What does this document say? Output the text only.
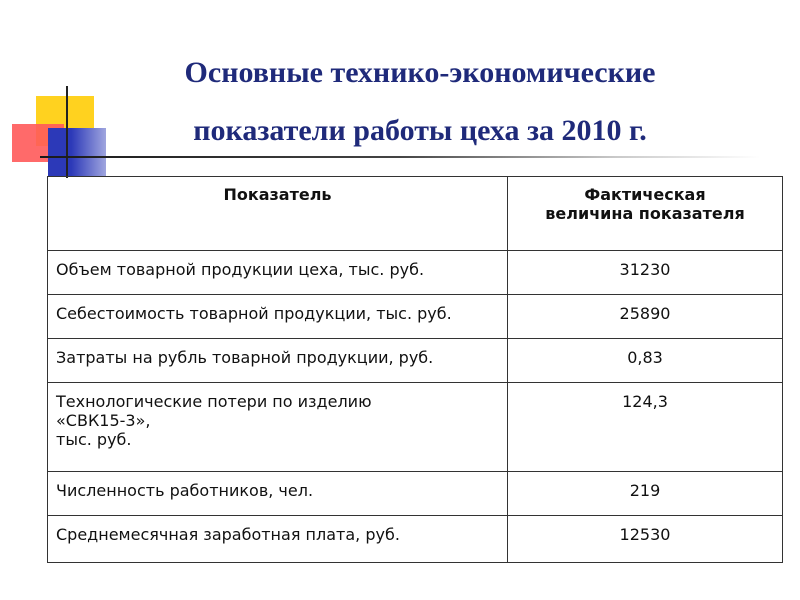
Основные технико-экономические
показатели работы цеха за 2010 г.
Показатель	Фактическая
величина показателя

Объем товарной продукции цеха, тыс. руб.	31230
Себестоимость товарной продукции, тыс. руб.	25890
Затраты на рубль товарной продукции, руб.	0,83

Технологические потери по изделию
«СВК15-3»,
тыс. руб.	124,3
Численность работников, чел.	219
Среднемесячная заработная плата, руб.	12530
